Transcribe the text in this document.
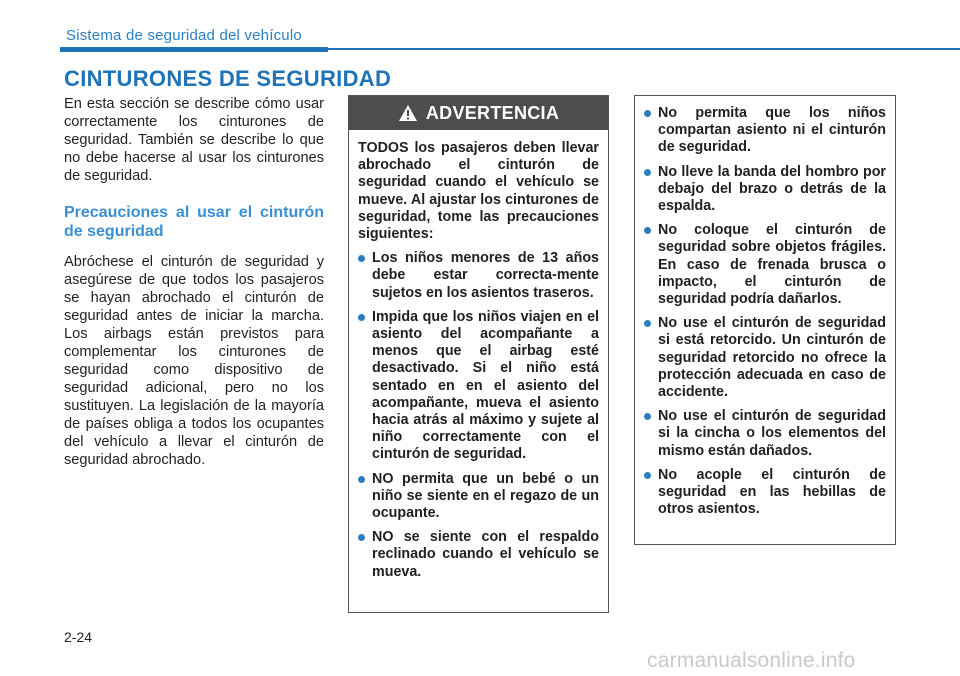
Sistema de seguridad del vehículo
CINTURONES DE SEGURIDAD

En esta sección se describe cómo usar correctamente los cinturones de seguridad. También se describe lo que no debe hacerse al usar los cinturones de seguridad.

Precauciones al usar el cinturón de seguridad

Abróchese el cinturón de seguridad y asegúrese de que todos los pasajeros se hayan abrochado el cinturón de seguridad antes de iniciar la marcha. Los airbags están previstos para complementar los cinturones de seguridad como dispositivo de seguridad adicional, pero no los sustituyen. La legislación de la mayoría de países obliga a todos los ocupantes del vehículo a llevar el cinturón de seguridad abrochado.

ADVERTENCIA

TODOS los pasajeros deben llevar abrochado el cinturón de seguridad cuando el vehículo se mueve. Al ajustar los cinturones de seguridad, tome las precauciones siguientes:

Los niños menores de 13 años debe estar correcta-mente sujetos en los asientos traseros.
Impida que los niños viajen en el asiento del acompañante a menos que el airbag esté desactivado. Si el niño está sentado en en el asiento del acompañante, mueva el asiento hacia atrás al máximo y sujete al niño correctamente con el cinturón de seguridad.
NO permita que un bebé o un niño se siente en el regazo de un ocupante.
NO se siente con el respaldo reclinado cuando el vehículo se mueva.
No permita que los niños compartan asiento ni el cinturón de seguridad.
No lleve la banda del hombro por debajo del brazo o detrás de la espalda.
No coloque el cinturón de seguridad sobre objetos frágiles. En caso de frenada brusca o impacto, el cinturón de seguridad podría dañarlos.
No use el cinturón de seguridad si está retorcido. Un cinturón de seguridad retorcido no ofrece la protección adecuada en caso de accidente.
No use el cinturón de seguridad si la cincha o los elementos del mismo están dañados.
No acople el cinturón de seguridad en las hebillas de otros asientos.
2-24
carmanualsonline.info
